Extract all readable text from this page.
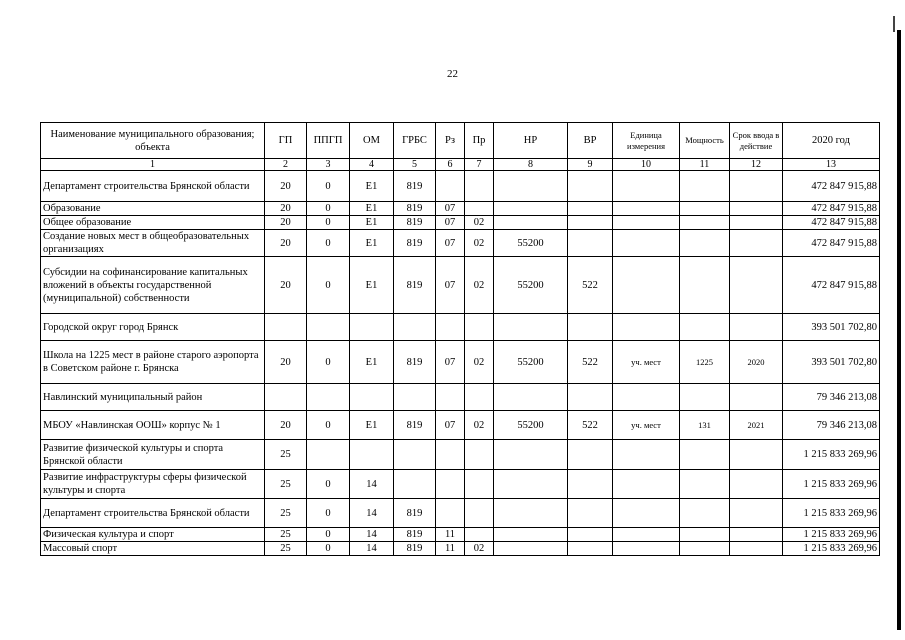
22
Наименование муниципального образования; объекта	ГП	ППГП	ОМ	ГРБС	Рз	Пр	НР	ВР	Единица измерения	Мощность	Срок ввода в действие	2020 год
1	2	3	4	5	6	7	8	9	10	11	12	13
Департамент строительства Брянской области	20	0	E1	819								472 847 915,88
Образование	20	0	E1	819	07							472 847 915,88
Общее образование	20	0	E1	819	07	02						472 847 915,88
Создание новых мест в общеобразовательных организациях	20	0	E1	819	07	02	55200					472 847 915,88
Субсидии на софинансирование капитальных вложений в объекты государственной (муниципальной) собственности	20	0	E1	819	07	02	55200	522				472 847 915,88
Городской округ город Брянск												393 501 702,80
Школа на 1225 мест в районе старого аэропорта в Советском районе г. Брянска	20	0	E1	819	07	02	55200	522	уч. мест	1225	2020	393 501 702,80
Навлинский муниципальный район												79 346 213,08
МБОУ «Навлинская ООШ» корпус № 1	20	0	E1	819	07	02	55200	522	уч. мест	131	2021	79 346 213,08
Развитие физической культуры и спорта Брянской области	25											1 215 833 269,96
Развитие инфраструктуры сферы физической культуры и спорта	25	0	14									1 215 833 269,96
Департамент строительства Брянской области	25	0	14	819								1 215 833 269,96
Физическая культура и спорт	25	0	14	819	11							1 215 833 269,96
Массовый спорт	25	0	14	819	11	02						1 215 833 269,96
